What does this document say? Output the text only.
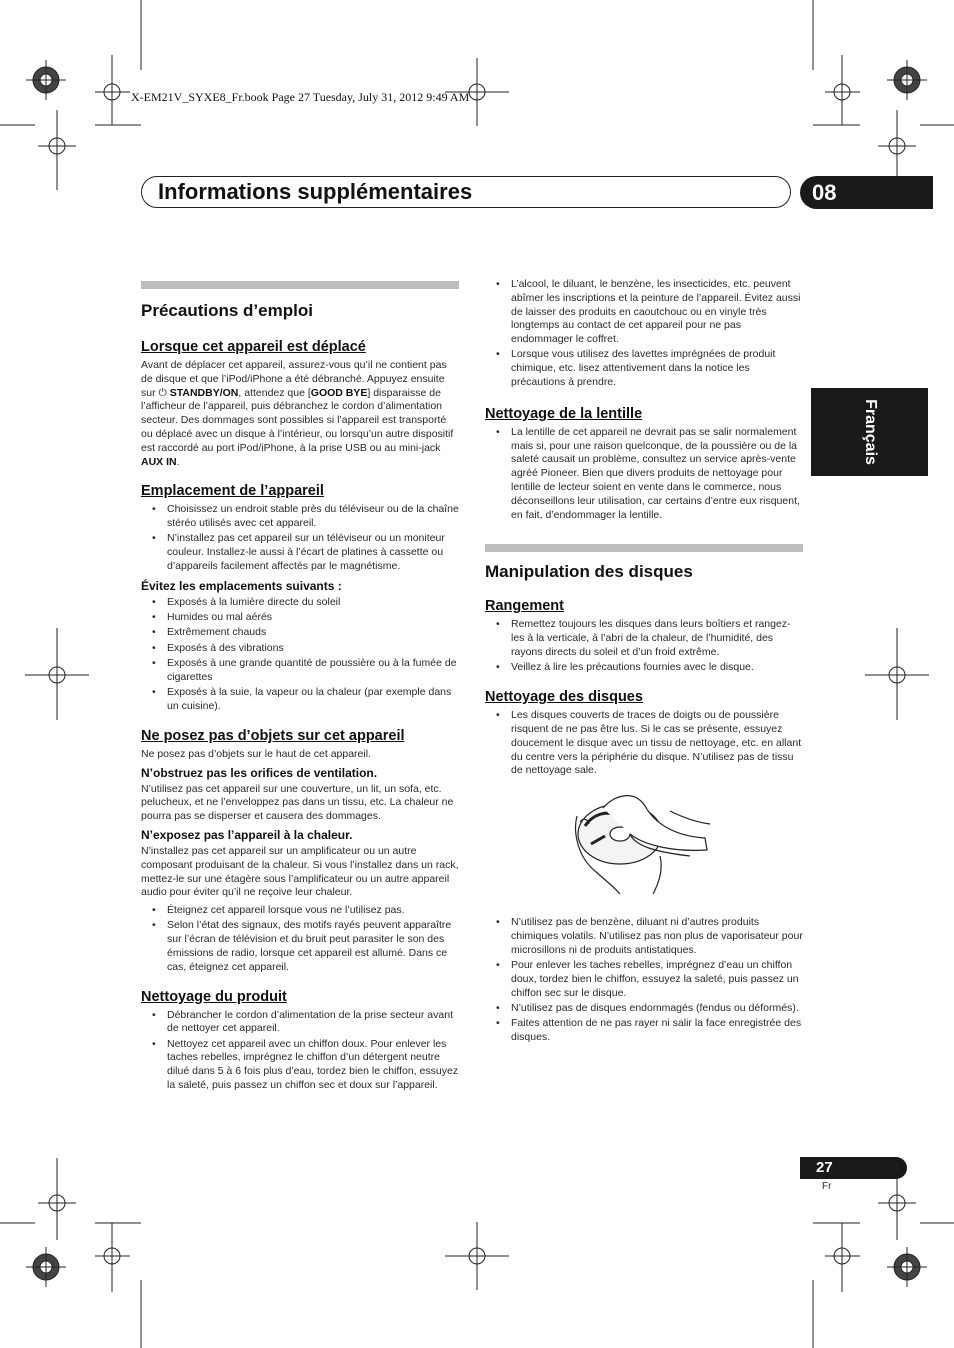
X-EM21V_SYXE8_Fr.book Page 27 Tuesday, July 31, 2012 9:49 AM
Informations supplémentaires	08
Français
Précautions d’emploi
Lorsque cet appareil est déplacé

Avant de déplacer cet appareil, assurez-vous qu’il ne contient pas de disque et que l’iPod/iPhone a été débranché. Appuyez ensuite sur ⏻ STANDBY/ON, attendez que [GOOD BYE] disparaisse de l’afficheur de l’appareil, puis débranchez le cordon d’alimentation secteur. Des dommages sont possibles si l’appareil est transporté ou déplacé avec un disque à l’intérieur, ou lorsqu’un autre dispositif est raccordé au port iPod/iPhone, à la prise USB ou au mini-jack AUX IN.

Emplacement de l’appareil
• Choisissez un endroit stable près du téléviseur ou de la chaîne stéréo utilisés avec cet appareil.
• N’installez pas cet appareil sur un téléviseur ou un moniteur couleur. Installez-le aussi à l’écart de platines à cassette ou d’appareils facilement affectés par le magnétisme.
Évitez les emplacements suivants :
• Exposés à la lumière directe du soleil
• Humides ou mal aérés
• Extrêmement chauds
• Exposés à des vibrations
• Exposés à une grande quantité de poussière ou à la fumée de cigarettes
• Exposés à la suie, la vapeur ou la chaleur (par exemple dans un cuisine).
Ne posez pas d’objets sur cet appareil

Ne posez pas d’objets sur le haut de cet appareil.

N’obstruez pas les orifices de ventilation.

N’utilisez pas cet appareil sur une couverture, un lit, un sofa, etc. pelucheux, et ne l’enveloppez pas dans un tissu, etc. La chaleur ne pourra pas se disperser et causera des dommages.

N’exposez pas l’appareil à la chaleur.

N’installez pas cet appareil sur un amplificateur ou un autre composant produisant de la chaleur. Si vous l’installez dans un rack, mettez-le sur une étagère sous l’amplificateur ou un autre appareil audio pour éviter qu’il ne reçoive leur chaleur.

• Éteignez cet appareil lorsque vous ne l’utilisez pas.
• Selon l’état des signaux, des motifs rayés peuvent apparaître sur l’écran de télévision et du bruit peut parasiter le son des émissions de radio, lorsque cet appareil est allumé. Dans ce cas, éteignez cet appareil.
Nettoyage du produit
• Débrancher le cordon d’alimentation de la prise secteur avant de nettoyer cet appareil.
• Nettoyez cet appareil avec un chiffon doux. Pour enlever les taches rebelles, imprégnez le chiffon d’un détergent neutre dilué dans 5 à 6 fois plus d’eau, tordez bien le chiffon, essuyez la saleté, puis passez un chiffon sec et doux sur l’appareil.
• L’alcool, le diluant, le benzène, les insecticides, etc. peuvent abîmer les inscriptions et la peinture de l’appareil. Évitez aussi de laisser des produits en caoutchouc ou en vinyle très longtemps au contact de cet appareil pour ne pas endommager le coffret.
• Lorsque vous utilisez des lavettes imprégnées de produit chimique, etc. lisez attentivement dans la notice les précautions à prendre.
Nettoyage de la lentille
• La lentille de cet appareil ne devrait pas se salir normalement mais si, pour une raison quelconque, de la poussière ou de la saleté causait un problème, consultez un service après-vente agréé Pioneer. Bien que divers produits de nettoyage pour lentille de lecteur soient en vente dans le commerce, nous déconseillons leur utilisation, car certains d’entre eux risquent, en fait, d’endommager la lentille.
Manipulation des disques
Rangement
• Remettez toujours les disques dans leurs boîtiers et rangez-les à la verticale, à l’abri de la chaleur, de l’humidité, des rayons directs du soleil et d’un froid extrême.
• Veillez à lire les précautions fournies avec le disque.
Nettoyage des disques
• Les disques couverts de traces de doigts ou de poussière risquent de ne pas être lus. Si le cas se présente, essuyez doucement le disque avec un tissu de nettoyage, etc. en allant du centre vers la périphérie du disque. N’utilisez pas de tissu de nettoyage sale.
• N’utilisez pas de benzène, diluant ni d’autres produits chimiques volatils. N’utilisez pas non plus de vaporisateur pour microsillons ni de produits antistatiques.
• Pour enlever les taches rebelles, imprégnez d’eau un chiffon doux, tordez bien le chiffon, essuyez la saleté, puis passez un chiffon sec sur le disque.
• N’utilisez pas de disques endommagés (fendus ou déformés).
• Faites attention de ne pas rayer ni salir la face enregistrée des disques.
27
Fr
